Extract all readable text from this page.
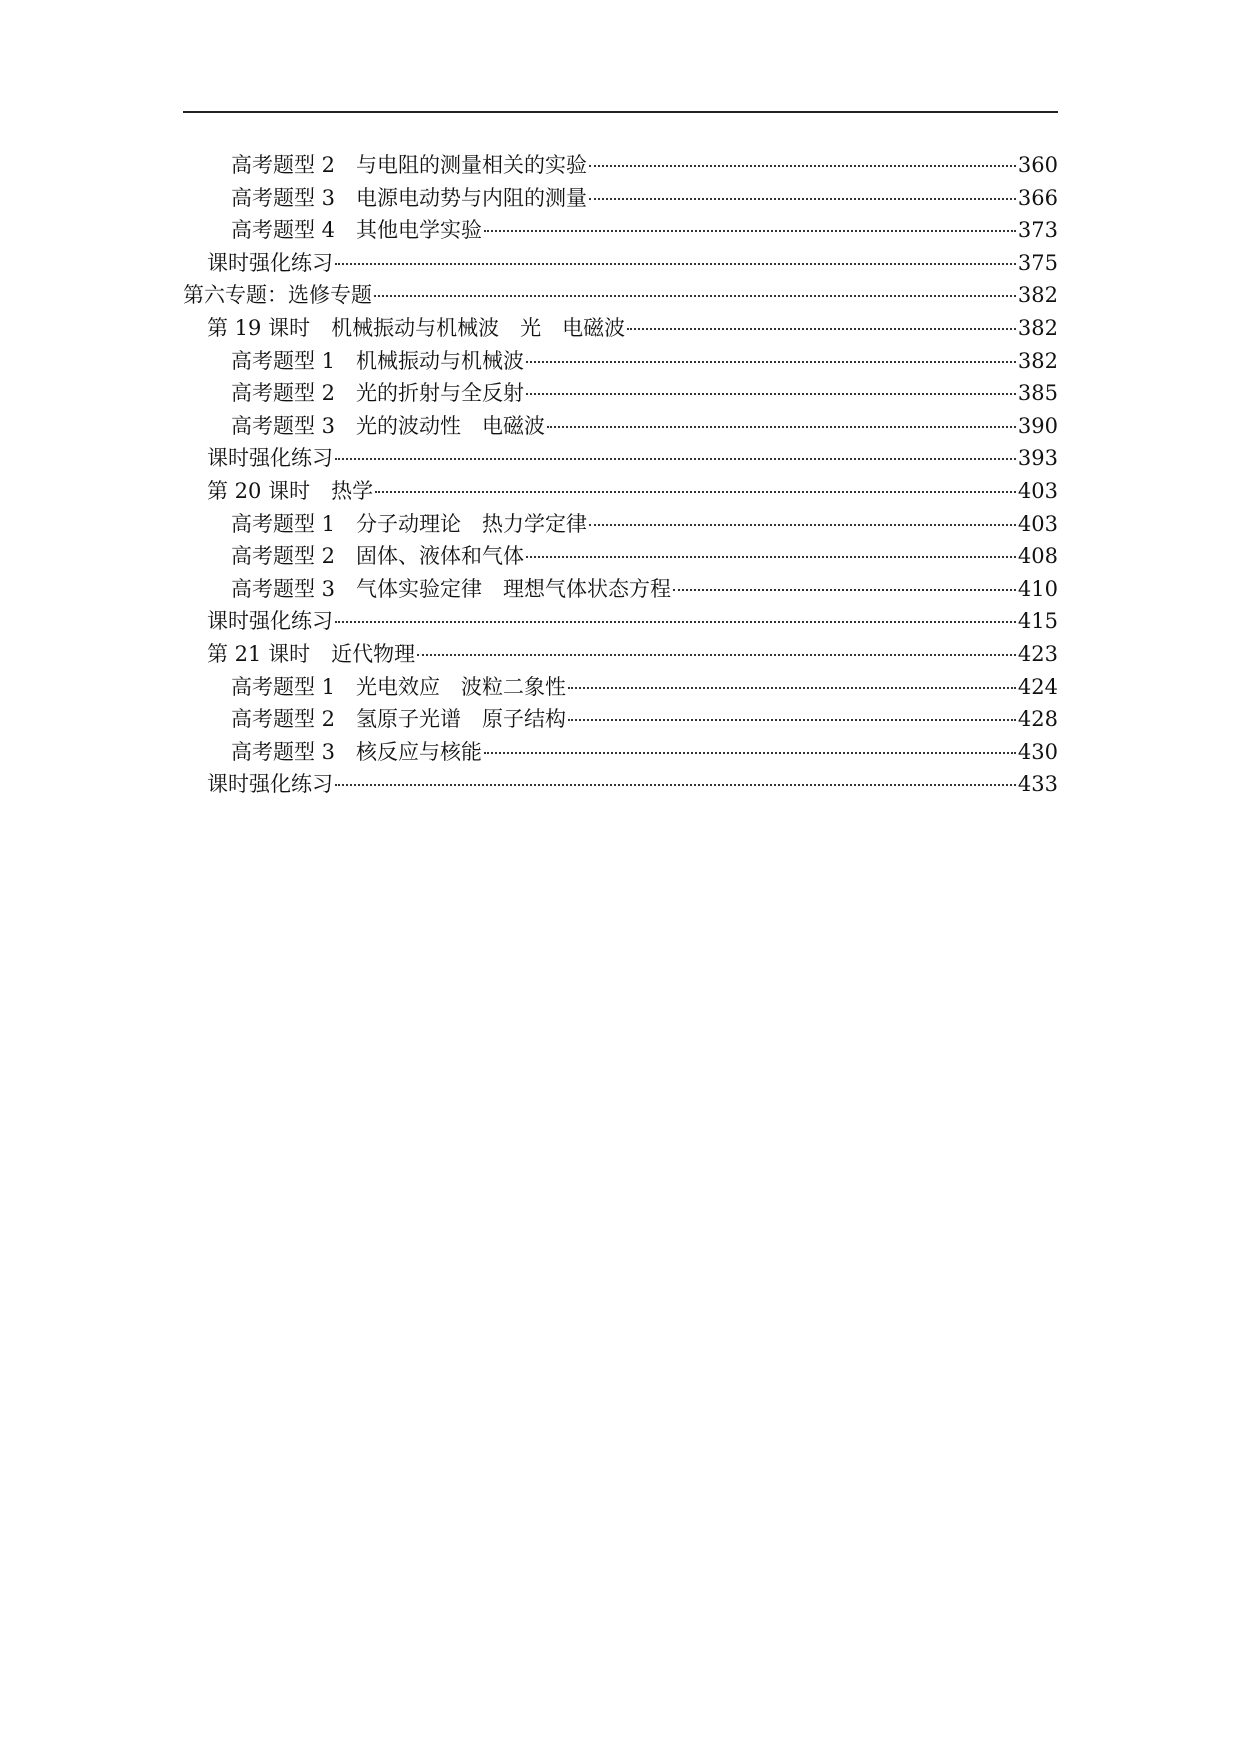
高考题型 2　与电阻的测量相关的实验	360
高考题型 3　电源电动势与内阻的测量	366
高考题型 4　其他电学实验	373
课时强化练习	375
第六专题：选修专题	382
第 19 课时　机械振动与机械波　光　电磁波	382
高考题型 1　机械振动与机械波	382
高考题型 2　光的折射与全反射	385
高考题型 3　光的波动性　电磁波	390
课时强化练习	393
第 20 课时　热学	403
高考题型 1　分子动理论　热力学定律	403
高考题型 2　固体、液体和气体	408
高考题型 3　气体实验定律　理想气体状态方程	410
课时强化练习	415
第 21 课时　近代物理	423
高考题型 1　光电效应　波粒二象性	424
高考题型 2　氢原子光谱　原子结构	428
高考题型 3　核反应与核能	430
课时强化练习	433
